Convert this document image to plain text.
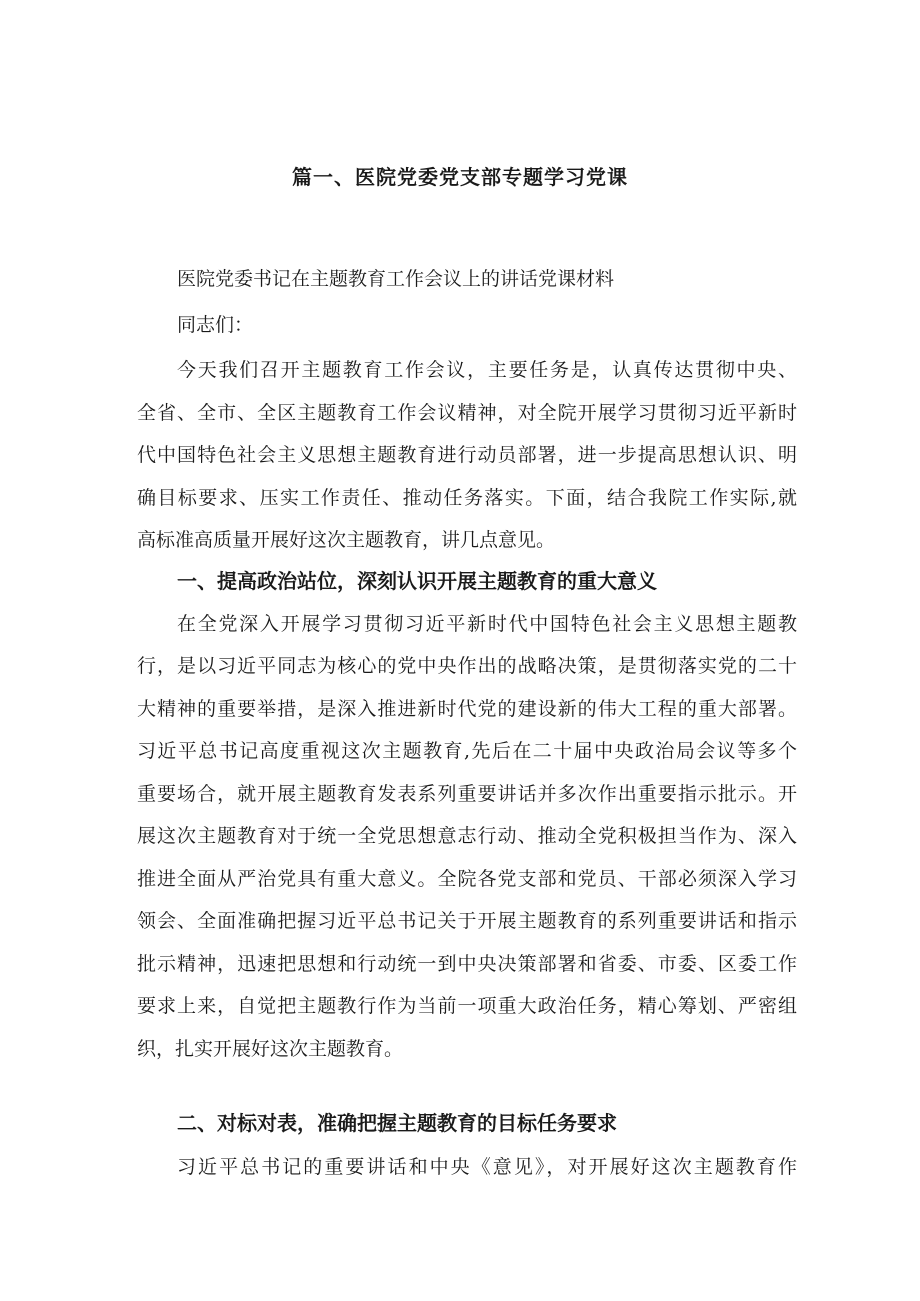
篇一、医院党委党支部专题学习党课

医院党委书记在主题教育工作会议上的讲话党课材料

同志们：

今天我们召开主题教育工作会议，主要任务是，认真传达贯彻中央、

全省、全市、全区主题教育工作会议精神，对全院开展学习贯彻习近平新时

代中国特色社会主义思想主题教育进行动员部署，进一步提高思想认识、明

确目标要求、压实工作责任、推动任务落实。下面，结合我院工作实际,就

高标准高质量开展好这次主题教育，讲几点意见。

一、提高政治站位，深刻认识开展主题教育的重大意义

在全党深入开展学习贯彻习近平新时代中国特色社会主义思想主题教

行，是以习近平同志为核心的党中央作出的战略决策，是贯彻落实党的二十

大精神的重要举措，是深入推进新时代党的建设新的伟大工程的重大部署。

习近平总书记高度重视这次主题教育,先后在二十届中央政治局会议等多个

重要场合，就开展主题教育发表系列重要讲话并多次作出重要指示批示。开

展这次主题教育对于统一全党思想意志行动、推动全党积极担当作为、深入

推进全面从严治党具有重大意义。全院各党支部和党员、干部必须深入学习

领会、全面准确把握习近平总书记关于开展主题教育的系列重要讲话和指示

批示精神，迅速把思想和行动统一到中央决策部署和省委、市委、区委工作

要求上来，自觉把主题教行作为当前一项重大政治任务，精心筹划、严密组

织，扎实开展好这次主题教育。

二、对标对表，准确把握主题教育的目标任务要求

习近平总书记的重要讲话和中央《意见》，对开展好这次主题教育作
